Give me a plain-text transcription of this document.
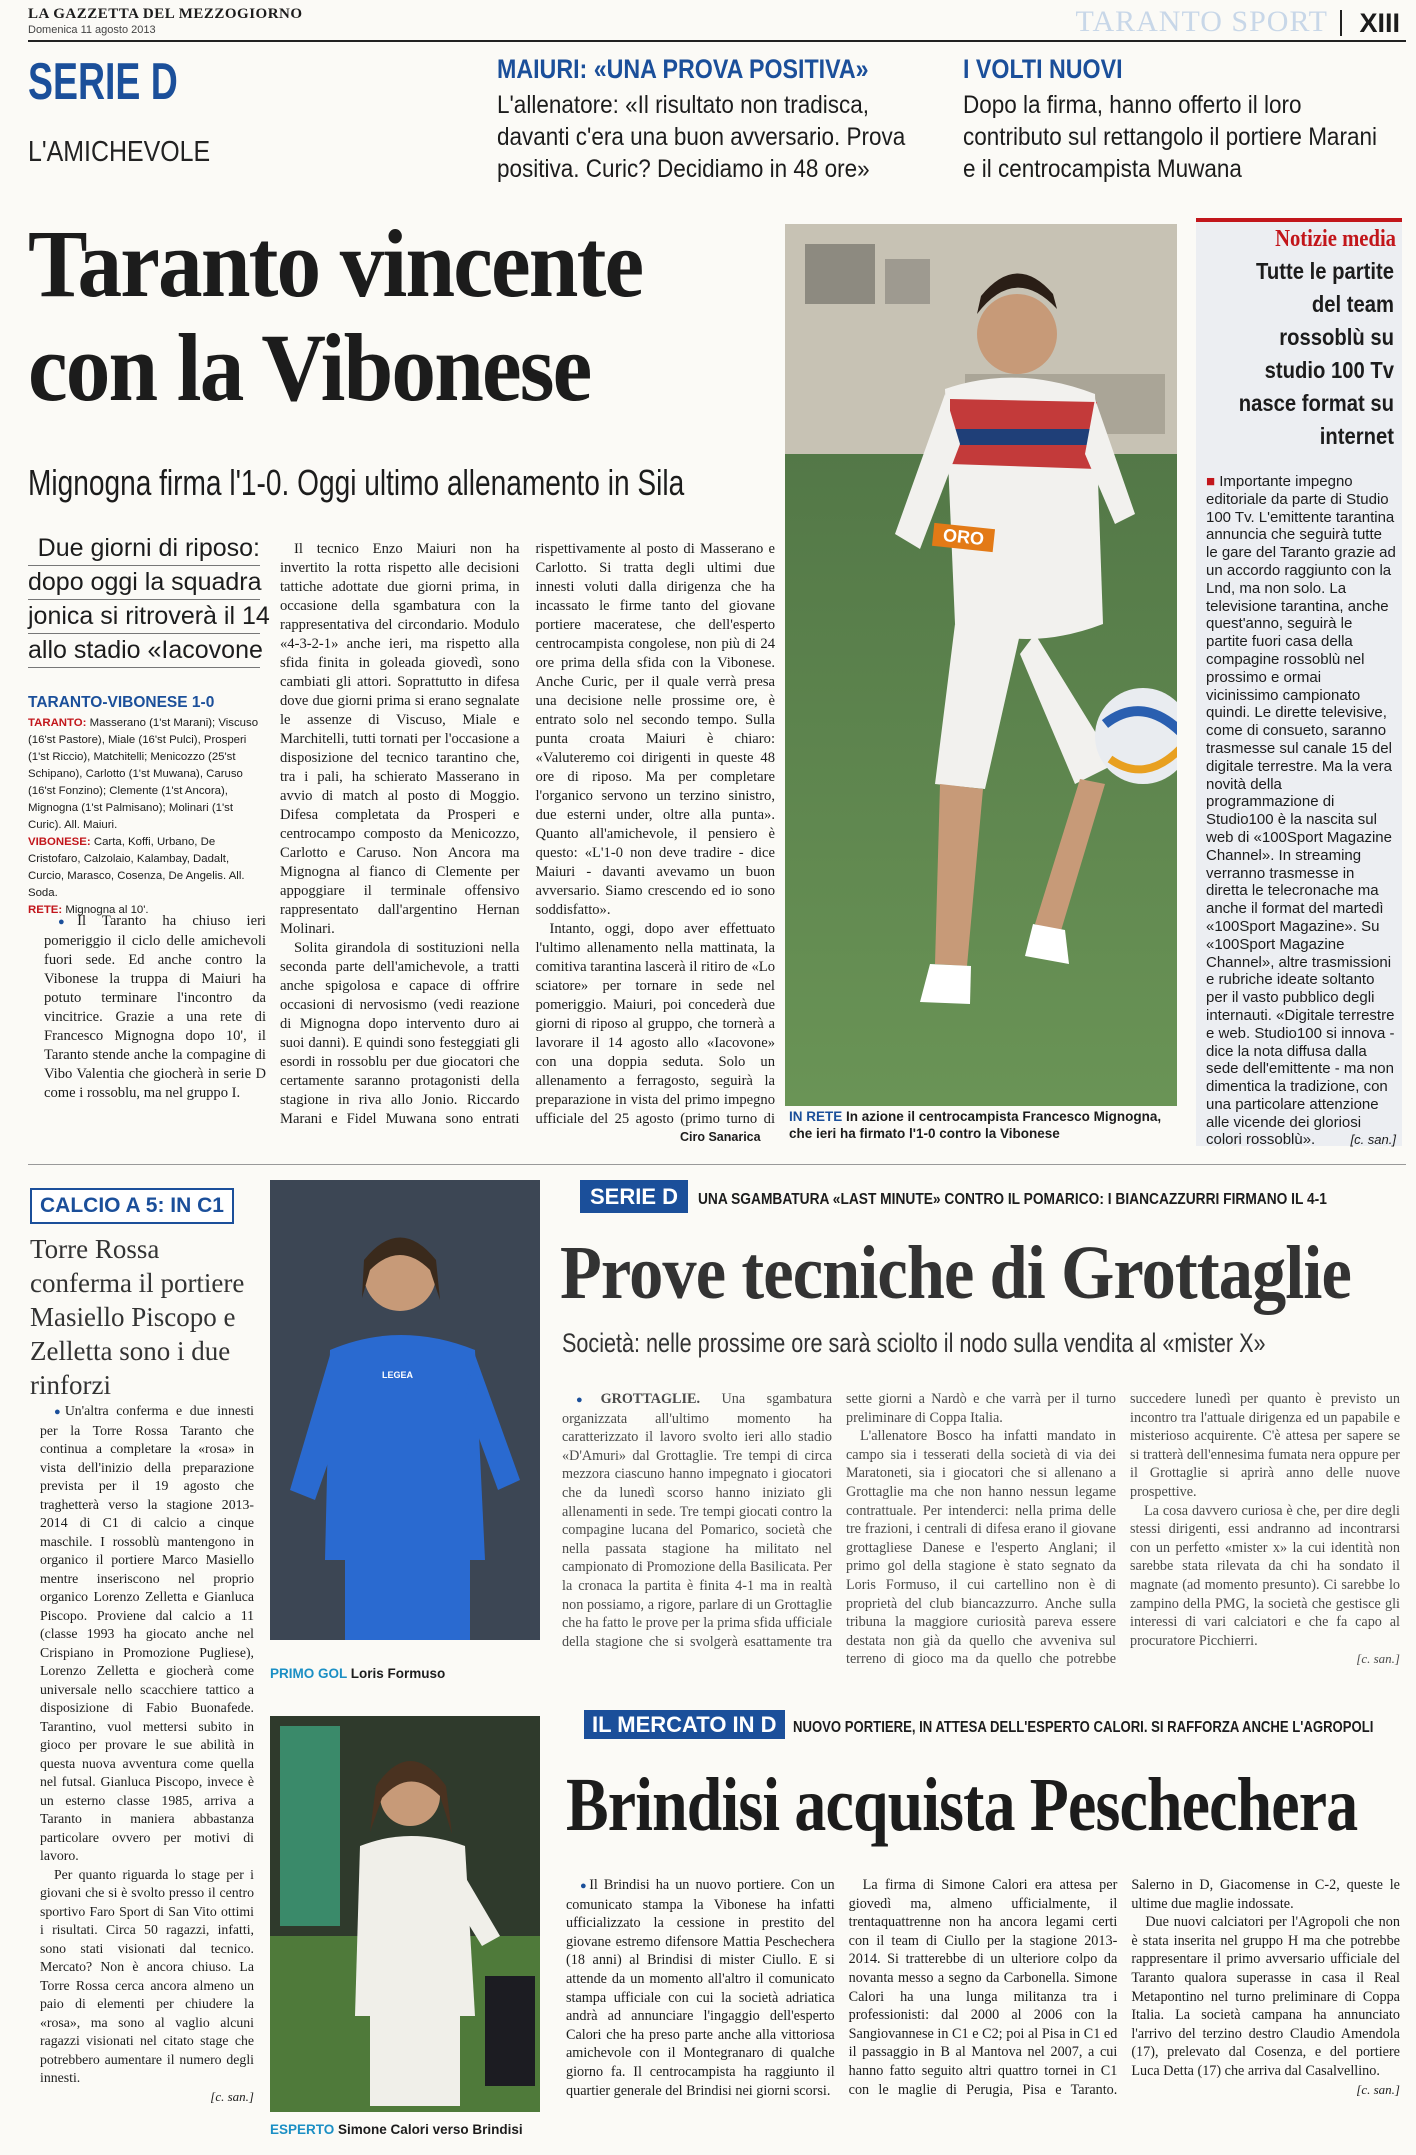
LA GAZZETTA DEL MEZZOGIORNO
Domenica 11 agosto 2013	TARANTO SPORT XIII
SERIE D
L'AMICHEVOLE
MAIURI: «UNA PROVA POSITIVA»
L'allenatore: «Il risultato non tradisca, davanti c'era una buon avversario. Prova positiva. Curic? Decidiamo in 48 ore»
I VOLTI NUOVI
Dopo la firma, hanno offerto il loro contributo sul rettangolo il portiere Marani e il centrocampista Muwana
Taranto vincente
con la Vibonese
Mignogna firma l'1-0. Oggi ultimo allenamento in Sila
Due giorni di riposo:
dopo oggi la squadra
jonica si ritroverà il 14
allo stadio «Iacovone
TARANTO-VIBONESE 1-0
TARANTO: Masserano (1'st Marani); Viscuso (16'st Pastore), Miale (16'st Pulci), Prosperi (1'st Riccio), Matchitelli; Menicozzo (25'st Schipano), Carlotto (1'st Muwana), Caruso (16'st Fonzino); Clemente (1'st Ancora), Mignogna (1'st Palmisano); Molinari (1'st Curic). All. Maiuri.
VIBONESE: Carta, Koffi, Urbano, De Cristofaro, Calzolaio, Kalambay, Dadalt, Curcio, Marasco, Cosenza, De Angelis. All. Soda.
RETE: Mignogna al 10'.

● Il Taranto ha chiuso ieri pomeriggio il ciclo delle amichevoli fuori sede. Ed anche contro la Vibonese la truppa di Maiuri ha potuto terminare l'incontro da vincitrice. Grazie a una rete di Francesco Mignogna dopo 10', il Taranto stende anche la compagine di Vibo Valentia che giocherà in serie D come i rossoblu, ma nel gruppo I.

Il tecnico Enzo Maiuri non ha invertito la rotta rispetto alle decisioni tattiche adottate due giorni prima, in occasione della sgambatura con la rappresentativa del circondario. Modulo «4-3-2-1» anche ieri, ma rispetto alla sfida finita in goleada giovedì, sono cambiati gli attori. Soprattutto in difesa dove due giorni prima si erano segnalate le assenze di Viscuso, Miale e Marchitelli, tutti tornati per l'occasione a disposizione del tecnico tarantino che, tra i pali, ha schierato Masserano in avvio di match al posto di Moggio. Difesa completata da Prosperi e centrocampo composto da Menicozzo, Carlotto e Caruso. Non Ancora ma Mignogna al fianco di Clemente per appoggiare il terminale offensivo rappresentato dall'argentino Hernan Molinari.

Solita girandola di sostituzioni nella seconda parte dell'amichevole, a tratti anche spigolosa e capace di offrire occasioni di nervosismo (vedi reazione di Mignogna dopo intervento duro ai suoi danni). E quindi sono festeggiati gli esordi in rossoblu per due giocatori che certamente saranno protagonisti della stagione in riva allo Jonio. Riccardo Marani e Fidel Muwana sono entrati rispettivamente al posto di Masserano e Carlotto. Si tratta degli ultimi due innesti voluti dalla dirigenza che ha incassato le firme tanto del giovane portiere maceratese, che dell'esperto centrocampista congolese, non più di 24 ore prima della sfida con la Vibonese. Anche Curic, per il quale verrà presa una decisione nelle prossime ore, è entrato solo nel secondo tempo. Sulla punta croata Maiuri è chiaro: «Valuteremo coi dirigenti in queste 48 ore di riposo. Ma per completare l'organico servono un terzino sinistro, due esterni under, oltre alla punta». Quanto all'amichevole, il pensiero è questo: «L'1-0 non deve tradire - dice Maiuri - davanti avevamo un buon avversario. Siamo crescendo ed io sono soddisfatto».

Intanto, oggi, dopo aver effettuato l'ultimo allenamento nella mattinata, la comitiva tarantina lascerà il ritiro de «Lo sciatore» per tornare in sede nel pomeriggio. Maiuri, poi concederà due giorni di riposo al gruppo, che tornerà a lavorare il 14 agosto allo «Iacovone» con una doppia seduta. Solo un allenamento a ferragosto, seguirà la preparazione in vista del primo impegno ufficiale del 25 agosto (primo turno di

Ciro Sanarica
ORO
IN RETE In azione il centrocampista Francesco Mignogna, che ieri ha firmato l'1-0 contro la Vibonese
Notizie media
Tutte le partite del team rossoblù su studio 100 Tv nasce format su internet
■ Importante impegno editoriale da parte di Studio 100 Tv. L'emittente tarantina annuncia che seguirà tutte le gare del Taranto grazie ad un accordo raggiunto con la Lnd, ma non solo. La televisione tarantina, anche quest'anno, seguirà le partite fuori casa della compagine rossoblù nel prossimo e ormai vicinissimo campionato quindi. Le dirette televisive, come di consueto, saranno trasmesse sul canale 15 del digitale terrestre. Ma la vera novità della programmazione di Studio100 è la nascita sul web di «100Sport Magazine Channel». In streaming verranno trasmesse in diretta le telecronache ma anche il format del martedì «100Sport Magazine». Su «100Sport Magazine Channel», altre trasmissioni e rubriche ideate soltanto per il vasto pubblico degli internauti. «Digitale terrestre e web. Studio100 si innova - dice la nota diffusa dalla sede dell'emittente - ma non dimentica la tradizione, con una particolare attenzione alle vicende dei gloriosi colori rossoblù».	[c. san.]
CALCIO A 5: IN C1
Torre Rossa conferma il portiere Masiello Piscopo e Zelletta sono i due rinforzi

● Un'altra conferma e due innesti per la Torre Rossa Taranto che continua a completare la «rosa» in vista dell'inizio della preparazione prevista per il 19 agosto che traghetterà verso la stagione 2013-2014 di C1 di calcio a cinque maschile. I rossoblù mantengono in organico il portiere Marco Masiello mentre inseriscono nel proprio organico Lorenzo Zelletta e Gianluca Piscopo. Proviene dal calcio a 11 (classe 1993 ha giocato anche nel Crispiano in Promozione Pugliese), Lorenzo Zelletta e giocherà come universale nello scacchiere tattico a disposizione di Fabio Buonafede. Tarantino, vuol mettersi subito in gioco per provare le sue abilità in questa nuova avventura come quella nel futsal. Gianluca Piscopo, invece è un esterno classe 1985, arriva a Taranto in maniera abbastanza particolare ovvero per motivi di lavoro.

Per quanto riguarda lo stage per i giovani che si è svolto presso il centro sportivo Faro Sport di San Vito ottimi i risultati. Circa 50 ragazzi, infatti, sono stati visionati dal tecnico. Mercato? Non è ancora chiuso. La Torre Rossa cerca ancora almeno un paio di elementi per chiudere la «rosa», ma sono al vaglio alcuni ragazzi visionati nel citato stage che potrebbero aumentare il numero degli innesti.

[c. san.]
LEGEA
PRIMO GOL Loris Formuso
ESPERTO Simone Calori verso Brindisi
SERIE D UNA SGAMBATURA «LAST MINUTE» CONTRO IL POMARICO: I BIANCAZZURRI FIRMANO IL 4-1
Prove tecniche di Grottaglie
Società: nelle prossime ore sarà sciolto il nodo sulla vendita al «mister X»

● GROTTAGLIE. Una sgambatura organizzata all'ultimo momento ha caratterizzato il lavoro svolto ieri allo stadio «D'Amuri» dal Grottaglie. Tre tempi di circa mezzora ciascuno hanno impegnato i giocatori che da lunedì scorso hanno iniziato gli allenamenti in sede. Tre tempi giocati contro la compagine lucana del Pomarico, società che nella passata stagione ha militato nel campionato di Promozione della Basilicata. Per la cronaca la partita è finita 4-1 ma in realtà non possiamo, a rigore, parlare di un Grottaglie che ha fatto le prove per la prima sfida ufficiale della stagione che si svolgerà esattamente tra sette giorni a Nardò e che varrà per il turno preliminare di Coppa Italia.

L'allenatore Bosco ha infatti mandato in campo sia i tesserati della società di via dei Maratoneti, sia i giocatori che si allenano a Grottaglie ma che non hanno nessun legame contrattuale. Per intenderci: nella prima delle tre frazioni, i centrali di difesa erano il giovane grottagliese Danese e l'esperto Anglani; il primo gol della stagione è stato segnato da Loris Formuso, il cui cartellino non è di proprietà del club biancazzurro. Anche sulla tribuna la maggiore curiosità pareva essere destata non già da quello che avveniva sul terreno di gioco ma da quello che potrebbe succedere lunedì per quanto è previsto un incontro tra l'attuale dirigenza ed un papabile e misterioso acquirente. C'è attesa per sapere se si tratterà dell'ennesima fumata nera oppure per il Grottaglie si aprirà anno delle nuove prospettive.

La cosa davvero curiosa è che, per dire degli stessi dirigenti, essi andranno ad incontrarsi con un perfetto «mister x» la cui identità non sarebbe stata rilevata da chi ha sondato il magnate (ad momento presunto). Ci sarebbe lo zampino della PMG, la società che gestisce gli interessi di vari calciatori e che fa capo al procuratore Picchierri.

[c. san.]
IL MERCATO IN D NUOVO PORTIERE, IN ATTESA DELL'ESPERTO CALORI. SI RAFFORZA ANCHE L'AGROPOLI
Brindisi acquista Peschechera

● Il Brindisi ha un nuovo portiere. Con un comunicato stampa la Vibonese ha infatti ufficializzato la cessione in prestito del giovane estremo difensore Mattia Peschechera (18 anni) al Brindisi di mister Ciullo. E si attende da un momento all'altro il comunicato stampa ufficiale con cui la società adriatica andrà ad annunciare l'ingaggio dell'esperto Calori che ha preso parte anche alla vittoriosa amichevole con il Montegranaro di qualche giorno fa. Il centrocampista ha raggiunto il quartier generale del Brindisi nei giorni scorsi.

La firma di Simone Calori era attesa per giovedì ma, almeno ufficialmente, il trentaquattrenne non ha ancora legami certi con il team di Ciullo per la stagione 2013-2014. Si tratterebbe di un ulteriore colpo da novanta messo a segno da Carbonella. Simone Calori ha una lunga militanza tra i professionisti: dal 2000 al 2006 con la Sangiovannese in C1 e C2; poi al Pisa in C1 ed il passaggio in B al Mantova nel 2007, a cui hanno fatto seguito altri quattro tornei in C1 con le maglie di Perugia, Pisa e Taranto. Salerno in D, Giacomense in C-2, queste le ultime due maglie indossate.

Due nuovi calciatori per l'Agropoli che non è stata inserita nel gruppo H ma che potrebbe rappresentare il primo avversario ufficiale del Taranto qualora superasse in casa il Real Metapontino nel turno preliminare di Coppa Italia. La società campana ha annunciato l'arrivo del terzino destro Claudio Amendola (17), prelevato dal Cosenza, e del portiere Luca Detta (17) che arriva dal Casalvellino.

[c. san.]
